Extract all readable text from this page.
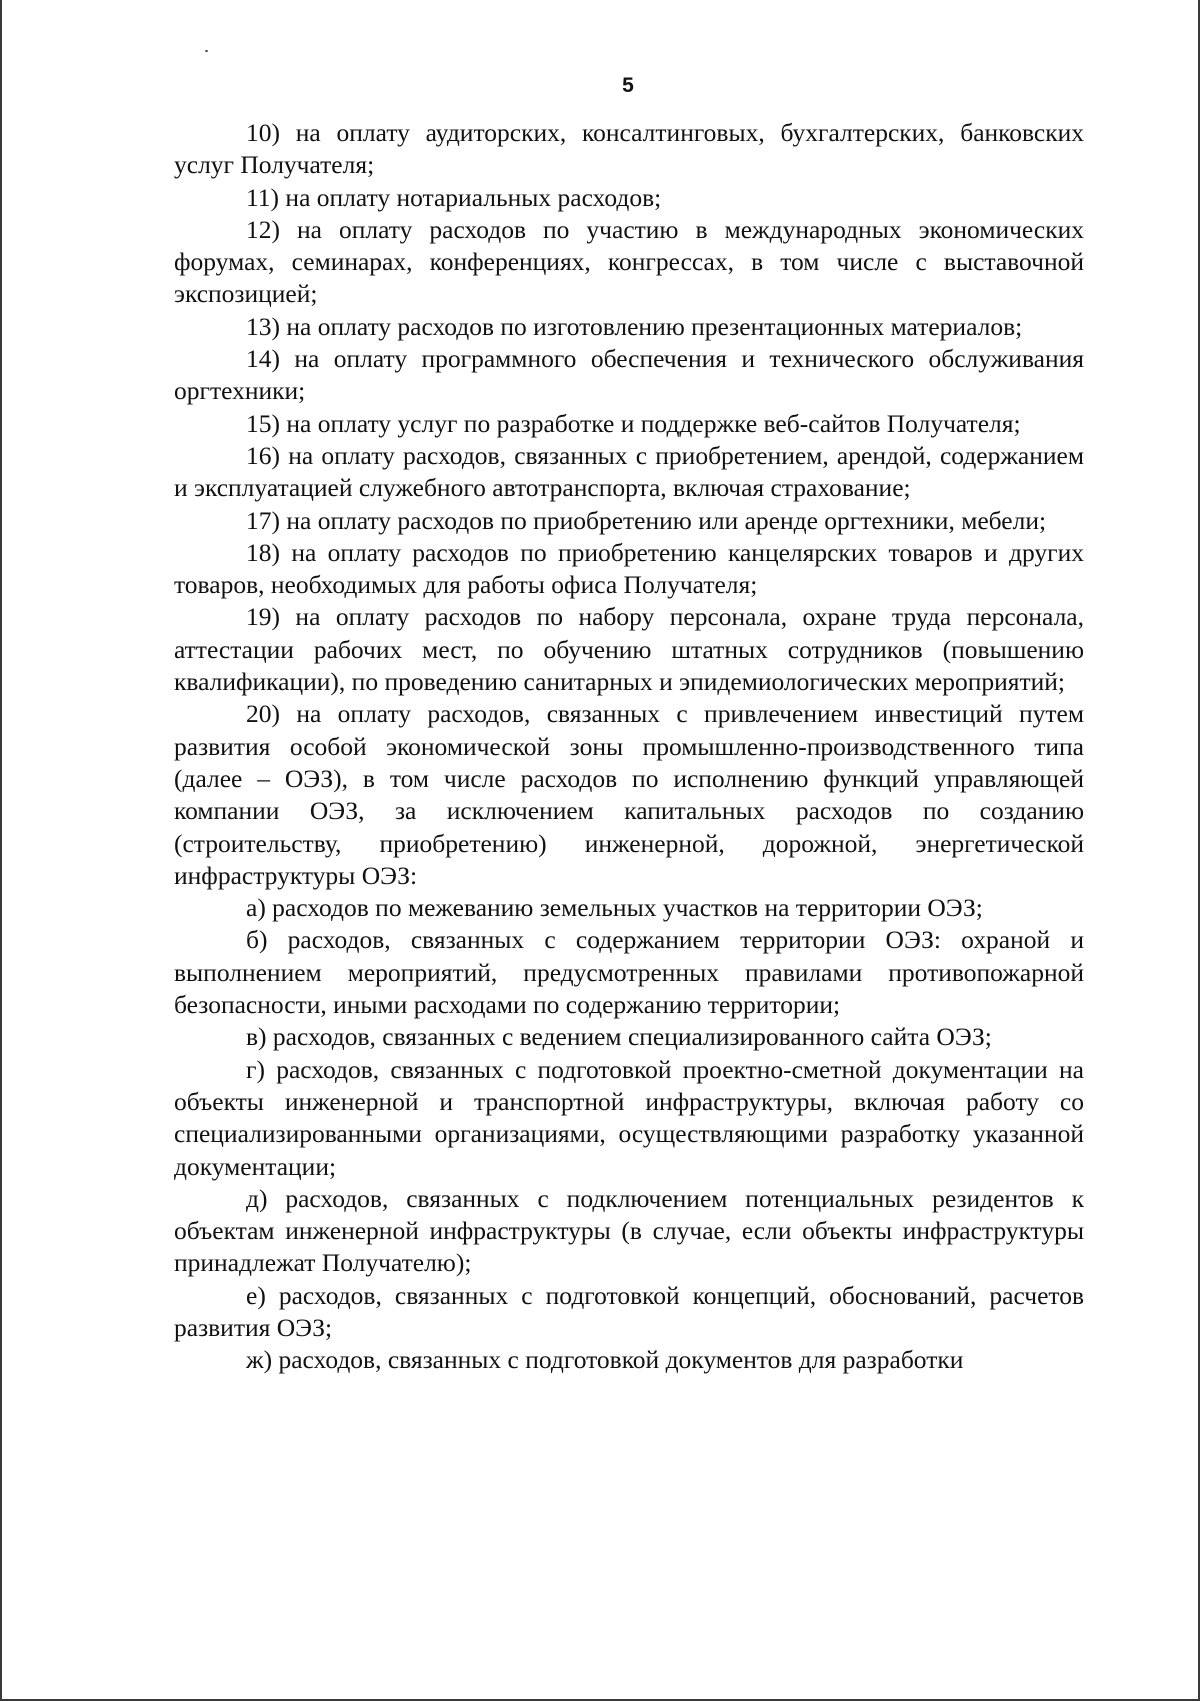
5

10) на оплату аудиторских, консалтинговых, бухгалтерских, банковских услуг Получателя;

11) на оплату нотариальных расходов;

12) на оплату расходов по участию в международных экономических форумах, семинарах, конференциях, конгрессах, в том числе с выставочной экспозицией;

13) на оплату расходов по изготовлению презентационных материалов;

14) на оплату программного обеспечения и технического обслуживания оргтехники;

15) на оплату услуг по разработке и поддержке веб-сайтов Получателя;

16) на оплату расходов, связанных с приобретением, арендой, содержанием и эксплуатацией служебного автотранспорта, включая страхование;

17) на оплату расходов по приобретению или аренде оргтехники, мебели;

18) на оплату расходов по приобретению канцелярских товаров и других товаров, необходимых для работы офиса Получателя;

19) на оплату расходов по набору персонала, охране труда персонала, аттестации рабочих мест, по обучению штатных сотрудников (повышению квалификации), по проведению санитарных и эпидемиологических мероприятий;

20) на оплату расходов, связанных с привлечением инвестиций путем развития особой экономической зоны промышленно-производственного типа (далее – ОЭЗ), в том числе расходов по исполнению функций управляющей компании ОЭЗ, за исключением капитальных расходов по созданию (строительству, приобретению) инженерной, дорожной, энергетической инфраструктуры ОЭЗ:

а) расходов по межеванию земельных участков на территории ОЭЗ;

б) расходов, связанных с содержанием территории ОЭЗ: охраной и выполнением мероприятий, предусмотренных правилами противопожарной безопасности, иными расходами по содержанию территории;

в) расходов, связанных с ведением специализированного сайта ОЭЗ;

г) расходов, связанных с подготовкой проектно-сметной документации на объекты инженерной и транспортной инфраструктуры, включая работу со специализированными организациями, осуществляющими разработку указанной документации;

д) расходов, связанных с подключением потенциальных резидентов к объектам инженерной инфраструктуры (в случае, если объекты инфраструктуры принадлежат Получателю);

е) расходов, связанных с подготовкой концепций, обоснований, расчетов развития ОЭЗ;

ж) расходов, связанных с подготовкой документов для разработки
